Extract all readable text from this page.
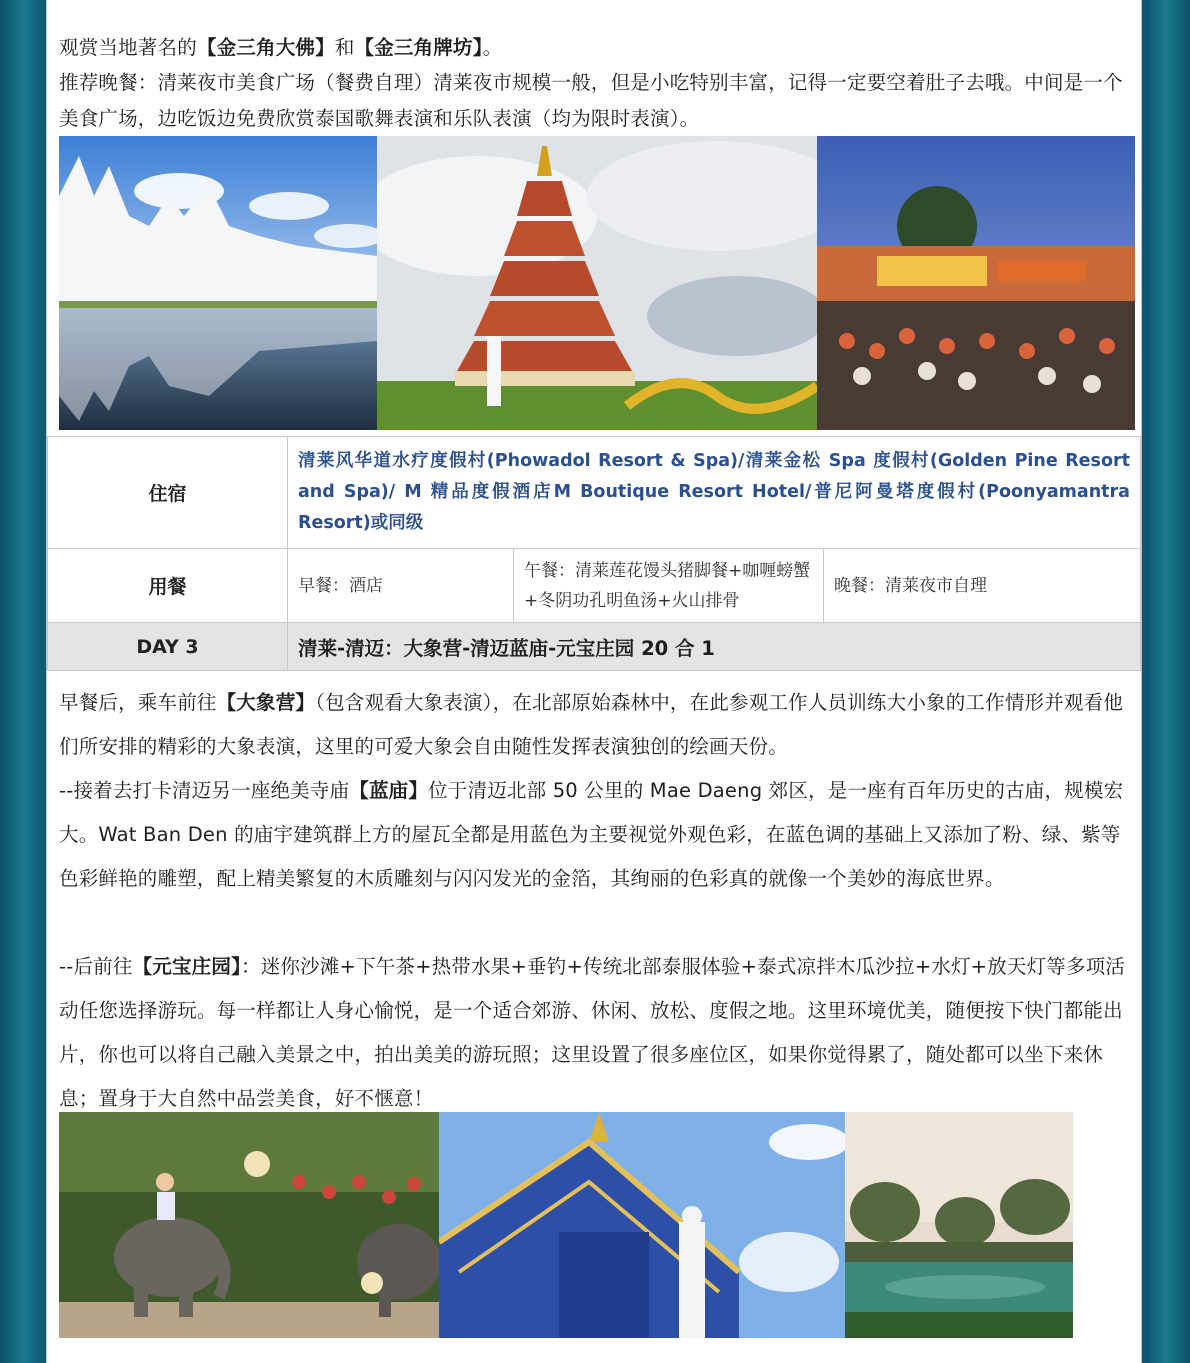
观赏当地著名的【金三角大佛】和【金三角牌坊】。
推荐晚餐：清莱夜市美食广场（餐费自理）清莱夜市规模一般，但是小吃特别丰富，记得一定要空着肚子去哦。中间是一个美食广场，边吃饭边免费欣赏泰国歌舞表演和乐队表演（均为限时表演）。
住宿	清莱风华道水疗度假村(Phowadol Resort & Spa)/清莱金松 Spa 度假村(Golden Pine Resort and Spa)/ M 精品度假酒店M Boutique Resort Hotel/普尼阿曼塔度假村(Poonyamantra Resort)或同级		
用餐	早餐：酒店	午餐：清莱莲花馒头猪脚餐+咖喱螃蟹+冬阴功孔明鱼汤+火山排骨	晚餐：清莱夜市自理
DAY 3	清莱-清迈：大象营-清迈蓝庙-元宝庄园 20 合 1		
早餐后，乘车前往【大象营】（包含观看大象表演），在北部原始森林中，在此参观工作人员训练大小象的工作情形并观看他们所安排的精彩的大象表演，这里的可爱大象会自由随性发挥表演独创的绘画天份。
--接着去打卡清迈另一座绝美寺庙【蓝庙】位于清迈北部 50 公里的 Mae Daeng 郊区，是一座有百年历史的古庙，规模宏大。Wat Ban Den 的庙宇建筑群上方的屋瓦全都是用蓝色为主要视觉外观色彩，在蓝色调的基础上又添加了粉、绿、紫等色彩鲜艳的雕塑，配上精美繁复的木质雕刻与闪闪发光的金箔，其绚丽的色彩真的就像一个美妙的海底世界。
--后前往【元宝庄园】：迷你沙滩+下午茶+热带水果+垂钓+传统北部泰服体验+泰式凉拌木瓜沙拉+水灯+放天灯等多项活动任您选择游玩。每一样都让人身心愉悦，是一个适合郊游、休闲、放松、度假之地。这里环境优美，随便按下快门都能出片，你也可以将自己融入美景之中，拍出美美的游玩照；这里设置了很多座位区，如果你觉得累了，随处都可以坐下来休息；置身于大自然中品尝美食，好不惬意！
